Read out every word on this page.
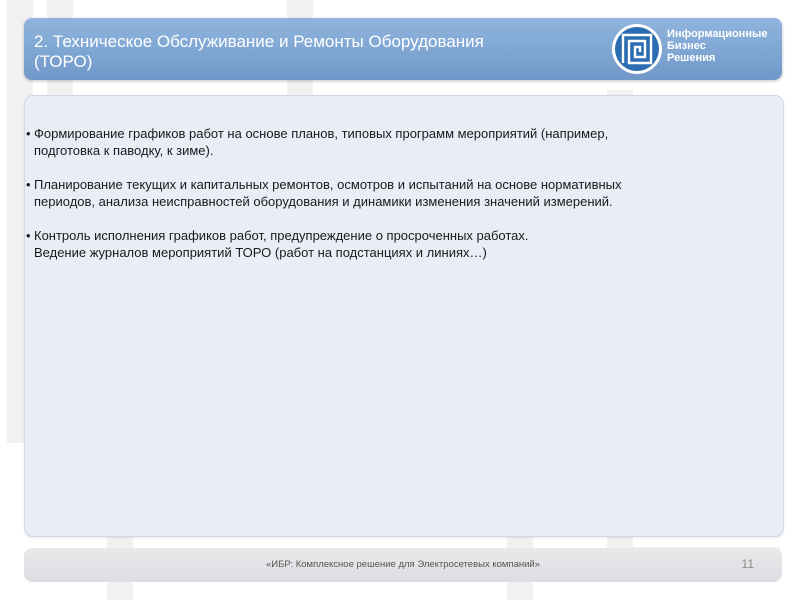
2. Техническое Обслуживание и Ремонты Оборудования
(ТОРО)
Информационные
Бизнес
Решения
• Формирование графиков работ на основе планов, типовых программ мероприятий (например,
подготовка к паводку, к зиме).
• Планирование текущих и капитальных ремонтов, осмотров и испытаний на основе нормативных
периодов, анализа неисправностей оборудования и динамики изменения значений измерений.
• Контроль исполнения графиков работ, предупреждение о просроченных работах.
Ведение журналов мероприятий ТОРО (работ на подстанциях и линиях…)
«ИБР: Комплексное решение для Электросетевых компаний»	11
